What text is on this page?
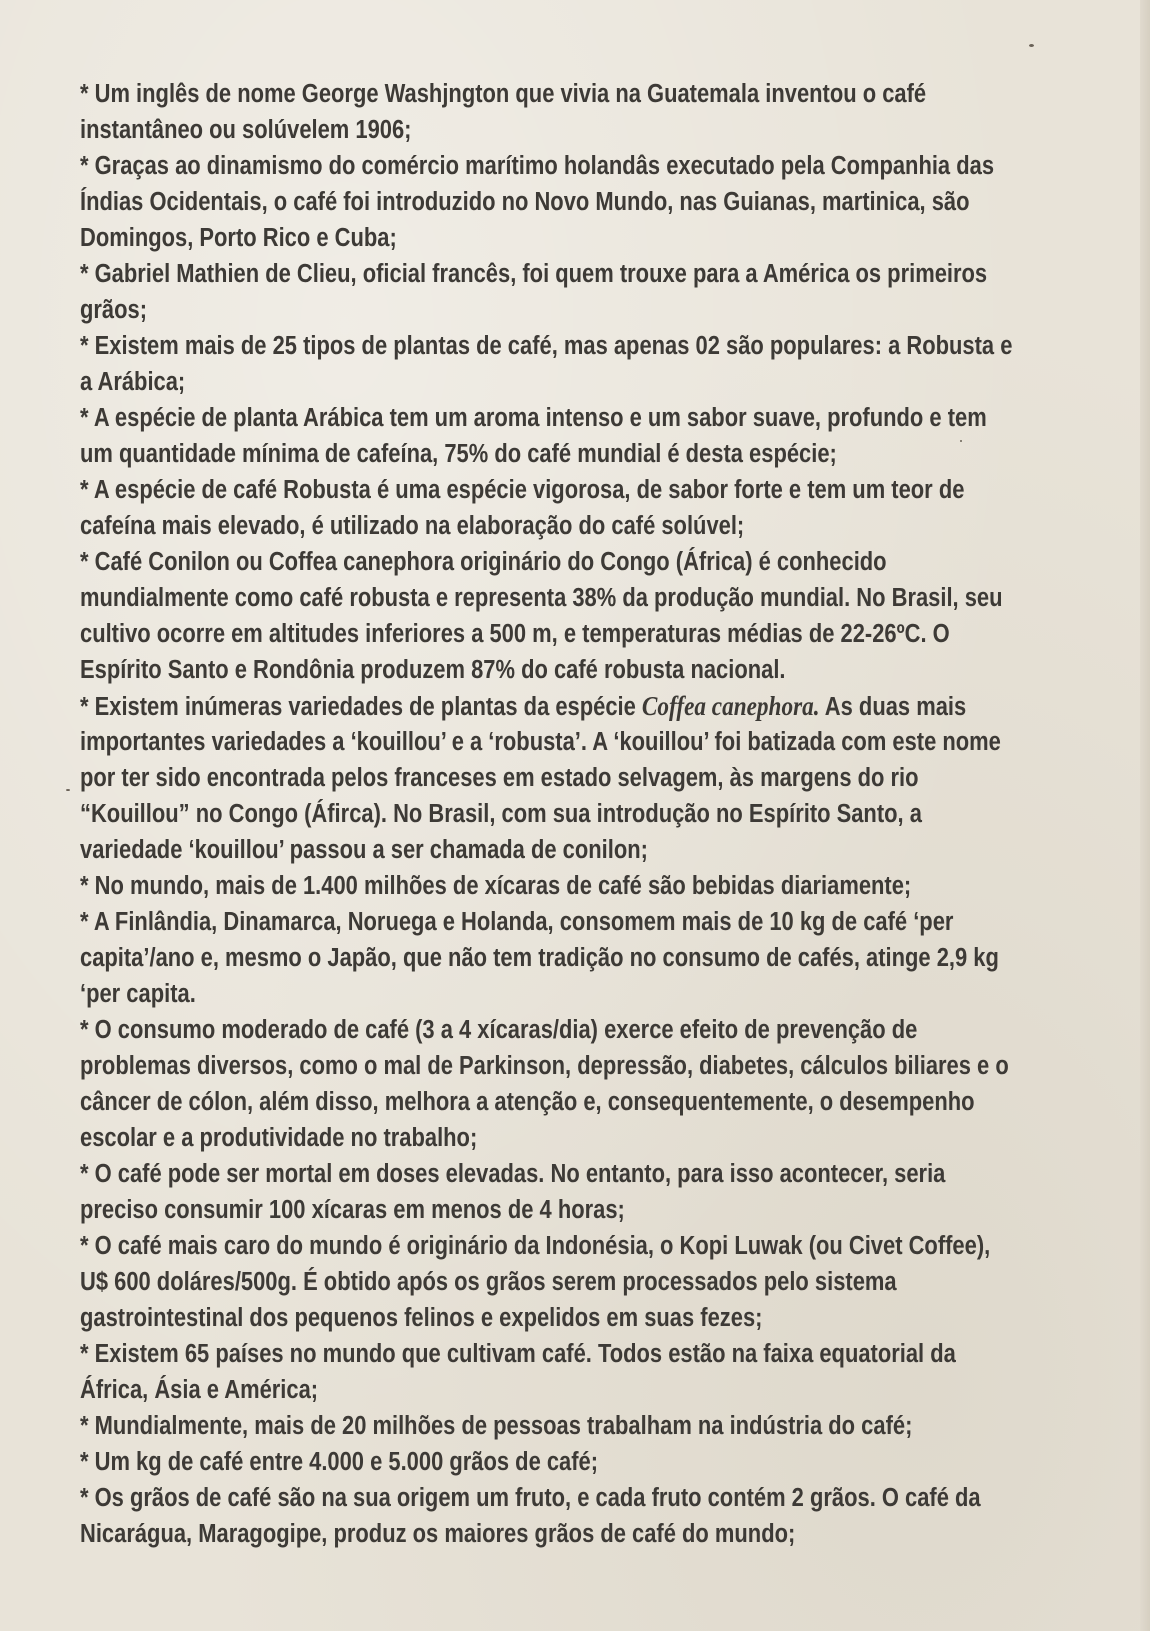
* Um inglês de nome George Washjngton que vivia na Guatemala inventou o café
instantâneo ou solúvelem 1906;
* Graças ao dinamismo do comércio marítimo holandâs executado pela Companhia das
Índias Ocidentais, o café foi introduzido no Novo Mundo, nas Guianas, martinica, são
Domingos, Porto Rico e Cuba;
* Gabriel Mathien de Clieu, oficial francês, foi quem trouxe para a América os primeiros
grãos;
* Existem mais de 25 tipos de plantas de café, mas apenas 02 são populares: a Robusta e
a Arábica;
* A espécie de planta Arábica tem um aroma intenso e um sabor suave, profundo e tem
um quantidade mínima de cafeína, 75% do café mundial é desta espécie;
* A espécie de café Robusta é uma espécie vigorosa, de sabor forte e tem um teor de
cafeína mais elevado, é utilizado na elaboração do café solúvel;
* Café Conilon ou Coffea canephora originário do Congo (África) é conhecido
mundialmente como café robusta e representa 38% da produção mundial. No Brasil, seu
cultivo ocorre em altitudes inferiores a 500 m, e temperaturas médias de 22-26ºC. O
Espírito Santo e Rondônia produzem 87% do café robusta nacional.
* Existem inúmeras variedades de plantas da espécie Coffea canephora. As duas mais
importantes variedades a ‘kouillou’ e a ‘robusta’. A ‘kouillou’ foi batizada com este nome
por ter sido encontrada pelos franceses em estado selvagem, às margens do rio
“Kouillou” no Congo (Áfirca). No Brasil, com sua introdução no Espírito Santo, a
variedade ‘kouillou’ passou a ser chamada de conilon;
* No mundo, mais de 1.400 milhões de xícaras de café são bebidas diariamente;
* A Finlândia, Dinamarca, Noruega e Holanda, consomem mais de 10 kg de café ‘per
capita’/ano e, mesmo o Japão, que não tem tradição no consumo de cafés, atinge 2,9 kg
‘per capita.
* O consumo moderado de café (3 a 4 xícaras/dia) exerce efeito de prevenção de
problemas diversos, como o mal de Parkinson, depressão, diabetes, cálculos biliares e o
câncer de cólon, além disso, melhora a atenção e, consequentemente, o desempenho
escolar e a produtividade no trabalho;
* O café pode ser mortal em doses elevadas. No entanto, para isso acontecer, seria
preciso consumir 100 xícaras em menos de 4 horas;
* O café mais caro do mundo é originário da Indonésia, o Kopi Luwak (ou Civet Coffee),
U$ 600 doláres/500g. É obtido após os grãos serem processados pelo sistema
gastrointestinal dos pequenos felinos e expelidos em suas fezes;
* Existem 65 países no mundo que cultivam café. Todos estão na faixa equatorial da
África, Ásia e América;
* Mundialmente, mais de 20 milhões de pessoas trabalham na indústria do café;
* Um kg de café entre 4.000 e 5.000 grãos de café;
* Os grãos de café são na sua origem um fruto, e cada fruto contém 2 grãos. O café da
Nicarágua, Maragogipe, produz os maiores grãos de café do mundo;
